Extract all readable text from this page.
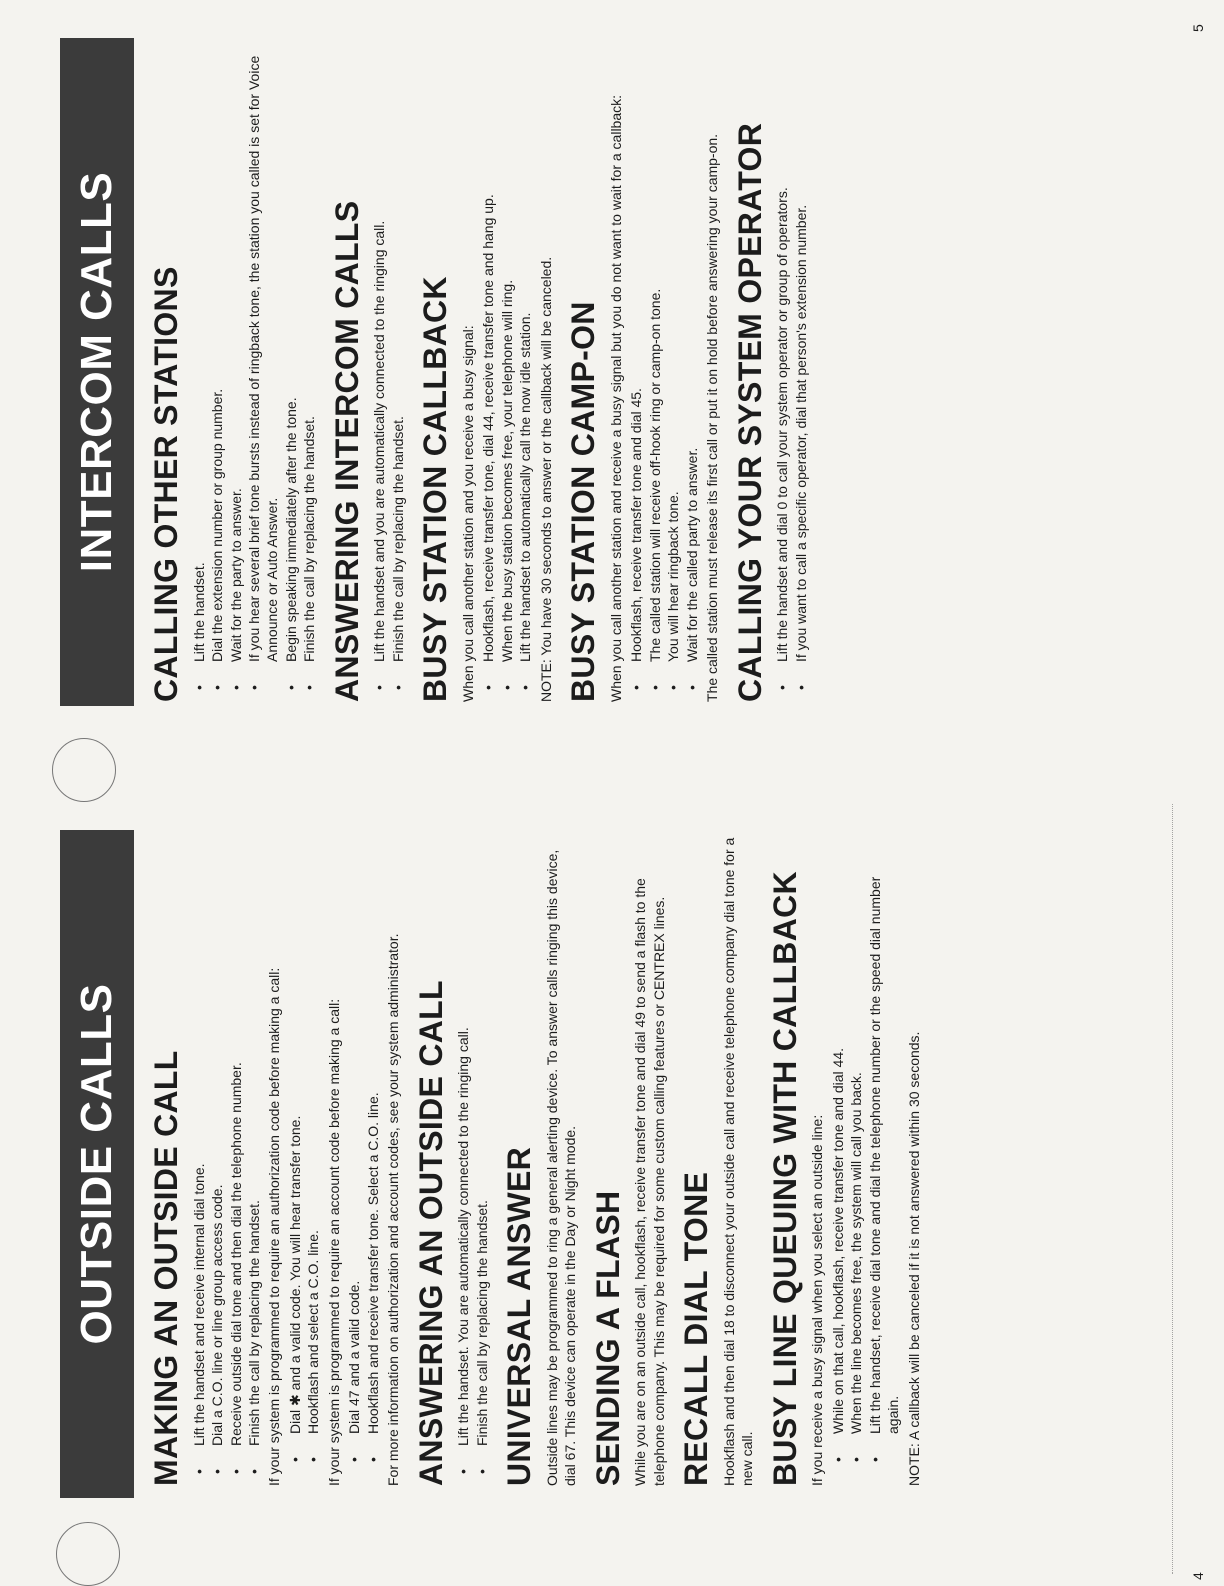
OUTSIDE CALLS MAKING AN OUTSIDE CALL • Lift the handset and receive internal dial tone. • Dial a C.O. line or line group access code. • Receive outside dial tone and then dial the telephone number. • Finish the call by replacing the handset. If your system is programmed to require an authorization code before making a call: • Dial ✱ and a valid code. You will hear transfer tone. • Hookflash and select a C.O. line. If your system is programmed to require an account code before making a call: • Dial 47 and a valid code. • Hookflash and receive transfer tone. Select a C.O. line. For more information on authorization and account codes, see your system administrator. ANSWERING AN OUTSIDE CALL • Lift the handset. You are automatically connected to the ringing call. • Finish the call by replacing the handset. UNIVERSAL ANSWER Outside lines may be programmed to ring a general alerting device. To answer calls ringing this device, dial 67. This device can operate in the Day or Night mode. SENDING A FLASH While you are on an outside call, hookflash, receive transfer tone and dial 49 to send a flash to the telephone company. This may be required for some custom calling features or CENTREX lines. RECALL DIAL TONE Hookflash and then dial 18 to disconnect your outside call and receive telephone company dial tone for a new call. BUSY LINE QUEUING WITH CALLBACK If you receive a busy signal when you select an outside line: • While on that call, hookflash, receive transfer tone and dial 44. • When the line becomes free, the system will call you back. • Lift the handset, receive dial tone and dial the telephone number or the speed dial number again. NOTE: A callback will be canceled if it is not answered within 30 seconds.

4
INTERCOM CALLS CALLING OTHER STATIONS • Lift the handset. • Dial the extension number or group number. • Wait for the party to answer. • If you hear several brief tone bursts instead of ringback tone, the station you called is set for Voice Announce or Auto Answer. • Begin speaking immediately after the tone. • Finish the call by replacing the handset. ANSWERING INTERCOM CALLS • Lift the handset and you are automatically connected to the ringing call. • Finish the call by replacing the handset. BUSY STATION CALLBACK When you call another station and you receive a busy signal: • Hookflash, receive transfer tone, dial 44, receive transfer tone and hang up. • When the busy station becomes free, your telephone will ring. • Lift the handset to automatically call the now idle station. NOTE: You have 30 seconds to answer or the callback will be canceled. BUSY STATION CAMP-ON When you call another station and receive a busy signal but you do not want to wait for a callback: • Hookflash, receive transfer tone and dial 45. • The called station will receive off-hook ring or camp-on tone. • You will hear ringback tone. • Wait for the called party to answer. The called station must release its first call or put it on hold before answering your camp-on. CALLING YOUR SYSTEM OPERATOR • Lift the handset and dial 0 to call your system operator or group of operators. • If you want to call a specific operator, dial that person's extension number.
5
